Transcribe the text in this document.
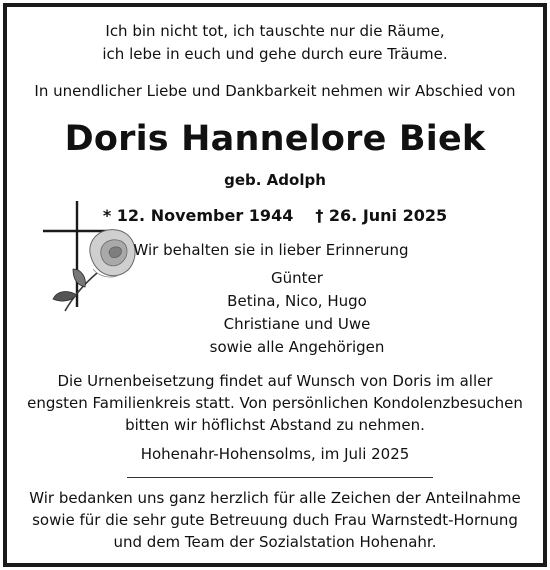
Ich bin nicht tot, ich tauschte nur die Räume,
ich lebe in euch und gehe durch eure Träume.
In unendlicher Liebe und Dankbarkeit nehmen wir Abschied von
Doris Hannelore Biek
geb. Adolph
* 12. November 1944 † 26. Juni 2025
Wir behalten sie in lieber Erinnerung
Günter
Betina, Nico, Hugo
Christiane und Uwe
sowie alle Angehörigen
Die Urnenbeisetzung findet auf Wunsch von Doris im aller
engsten Familienkreis statt. Von persönlichen Kondolenzbesuchen
bitten wir höflichst Abstand zu nehmen.
Hohenahr-Hohensolms, im Juli 2025
Wir bedanken uns ganz herzlich für alle Zeichen der Anteilnahme
sowie für die sehr gute Betreuung duch Frau Warnstedt-Hornung
und dem Team der Sozialstation Hohenahr.
